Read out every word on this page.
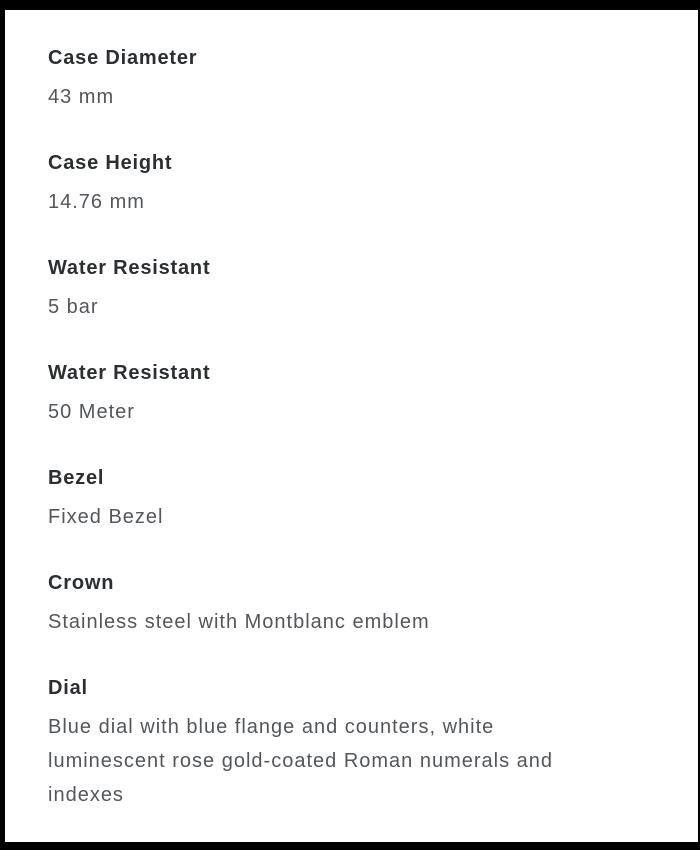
Case Diameter
43 mm
Case Height
14.76 mm
Water Resistant
5 bar
Water Resistant
50 Meter
Bezel
Fixed Bezel
Crown
Stainless steel with Montblanc emblem
Dial
Blue dial with blue flange and counters, white luminescent rose gold-coated Roman numerals and indexes
